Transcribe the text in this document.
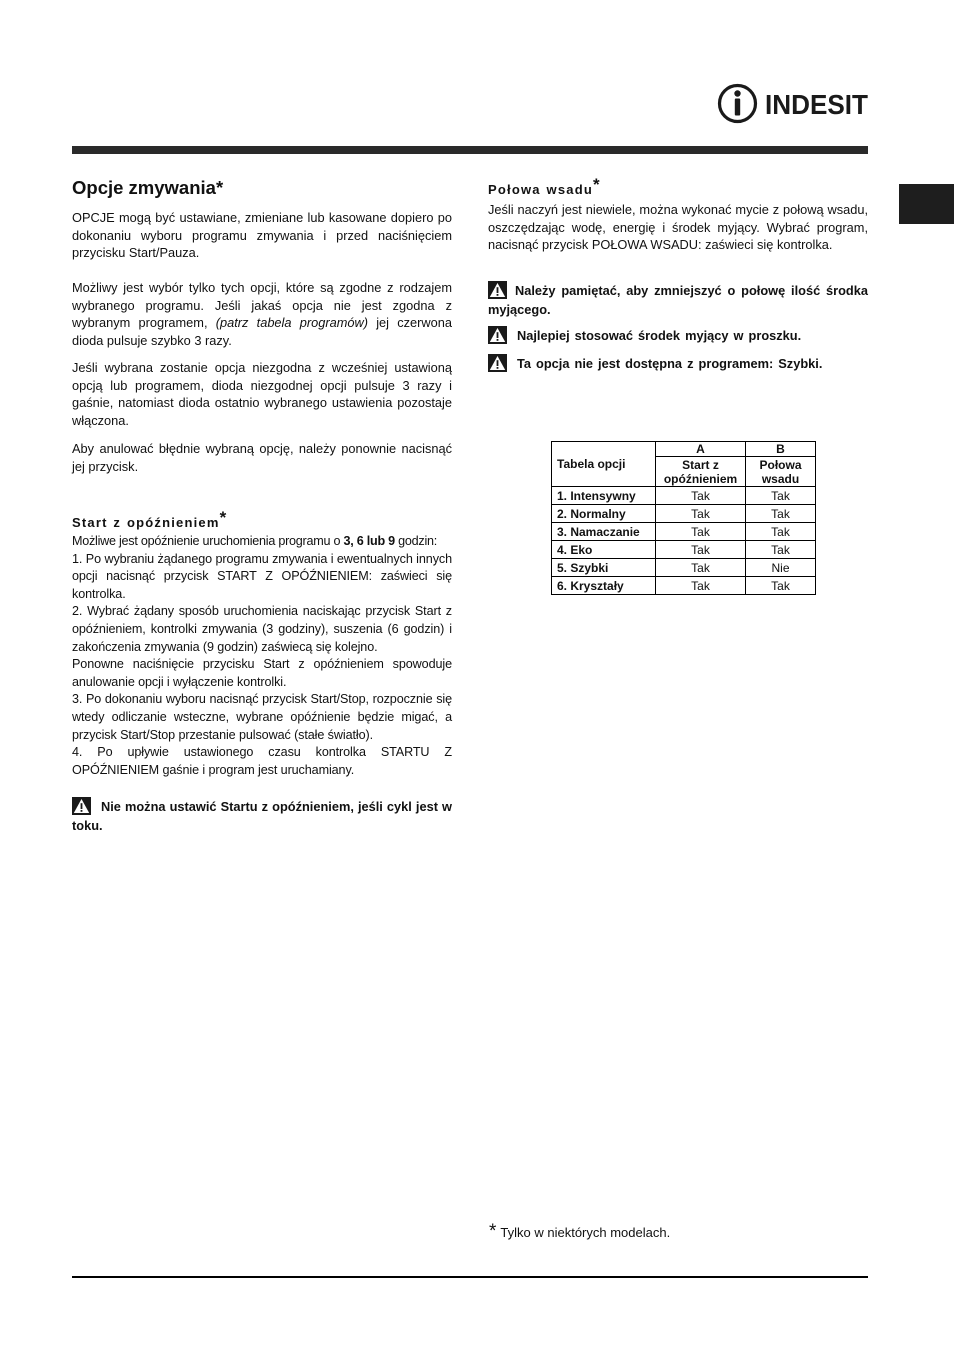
INDESIT
Opcje zmywania*
OPCJE mogą być ustawiane, zmieniane lub kasowane dopiero po dokonaniu wyboru programu zmywania i przed naciśnięciem przycisku Start/Pauza.
Możliwy jest wybór tylko tych opcji, które są zgodne z rodzajem wybranego programu. Jeśli jakaś opcja nie jest zgodna z wybranym programem, (patrz tabela programów) jej czerwona dioda pulsuje szybko 3 razy.
Jeśli wybrana zostanie opcja niezgodna z wcześniej ustawioną opcją lub programem, dioda niezgodnej opcji pulsuje 3 razy i gaśnie, natomiast dioda ostatnio wybranego ustawienia pozostaje włączona.
Aby anulować błędnie wybraną opcję, należy ponownie nacisnąć jej przycisk.
Start z opóźnieniem*
Możliwe jest opóźnienie uruchomienia programu o 3, 6 lub 9 godzin:
1. Po wybraniu żądanego programu zmywania i ewentualnych innych opcji nacisnąć przycisk START Z OPÓŹNIENIEM: zaświeci się kontrolka.
2. Wybrać żądany sposób uruchomienia naciskając przycisk Start z opóźnieniem, kontrolki zmywania (3 godziny), suszenia (6 godzin) i zakończenia zmywania (9 godzin) zaświecą się kolejno.
Ponowne naciśnięcie przycisku Start z opóźnieniem spowoduje anulowanie opcji i wyłączenie kontrolki.
3. Po dokonaniu wyboru nacisnąć przycisk Start/Stop, rozpocznie się wtedy odliczanie wsteczne, wybrane opóźnienie będzie migać, a przycisk Start/Stop przestanie pulsować (stałe światło).
4. Po upływie ustawionego czasu kontrolka STARTU Z OPÓŹNIENIEM gaśnie i program jest uruchamiany.
Nie można ustawić Startu z opóźnieniem, jeśli cykl jest w toku.
Połowa wsadu*
Jeśli naczyń jest niewiele, można wykonać mycie z połową wsadu, oszczędzając wodę, energię i środek myjący. Wybrać program, nacisnąć przycisk POŁOWA WSADU: zaświeci się kontrolka.
Należy pamiętać, aby zmniejszyć o połowę ilość środka myjącego.
Najlepiej stosować środek myjący w proszku.
Ta opcja nie jest dostępna z programem: Szybki.
Tabela opcji	A	B
	Start z opóźnieniem	Połowa wsadu
1. Intensywny	Tak	Tak
2. Normalny	Tak	Tak
3. Namaczanie	Tak	Tak
4. Eko	Tak	Tak
5. Szybki	Tak	Nie
6. Kryształy	Tak	Tak
* Tylko w niektórych modelach.
